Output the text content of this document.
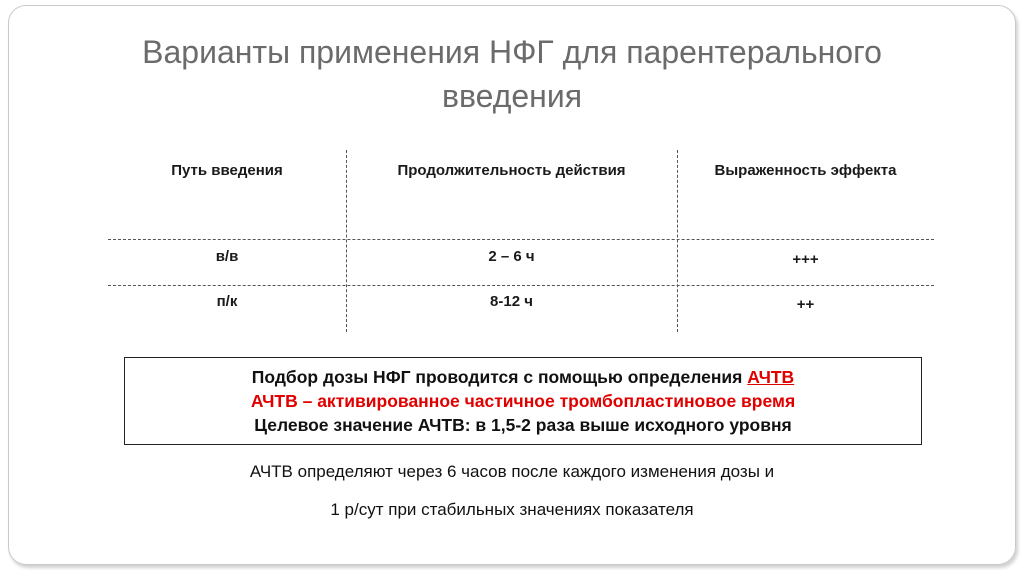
Варианты применения НФГ для парентерального
введения
Путь введения	Продолжительность действия	Выраженность эффекта
в/в	2 – 6 ч	+++
п/к	8-12 ч	++
Подбор дозы НФГ проводится с помощью определения АЧТВ
АЧТВ – активированное частичное тромбопластиновое время
Целевое значение АЧТВ: в 1,5-2 раза выше исходного уровня
АЧТВ определяют через 6 часов после каждого изменения дозы и
1 р/сут при стабильных значениях показателя
